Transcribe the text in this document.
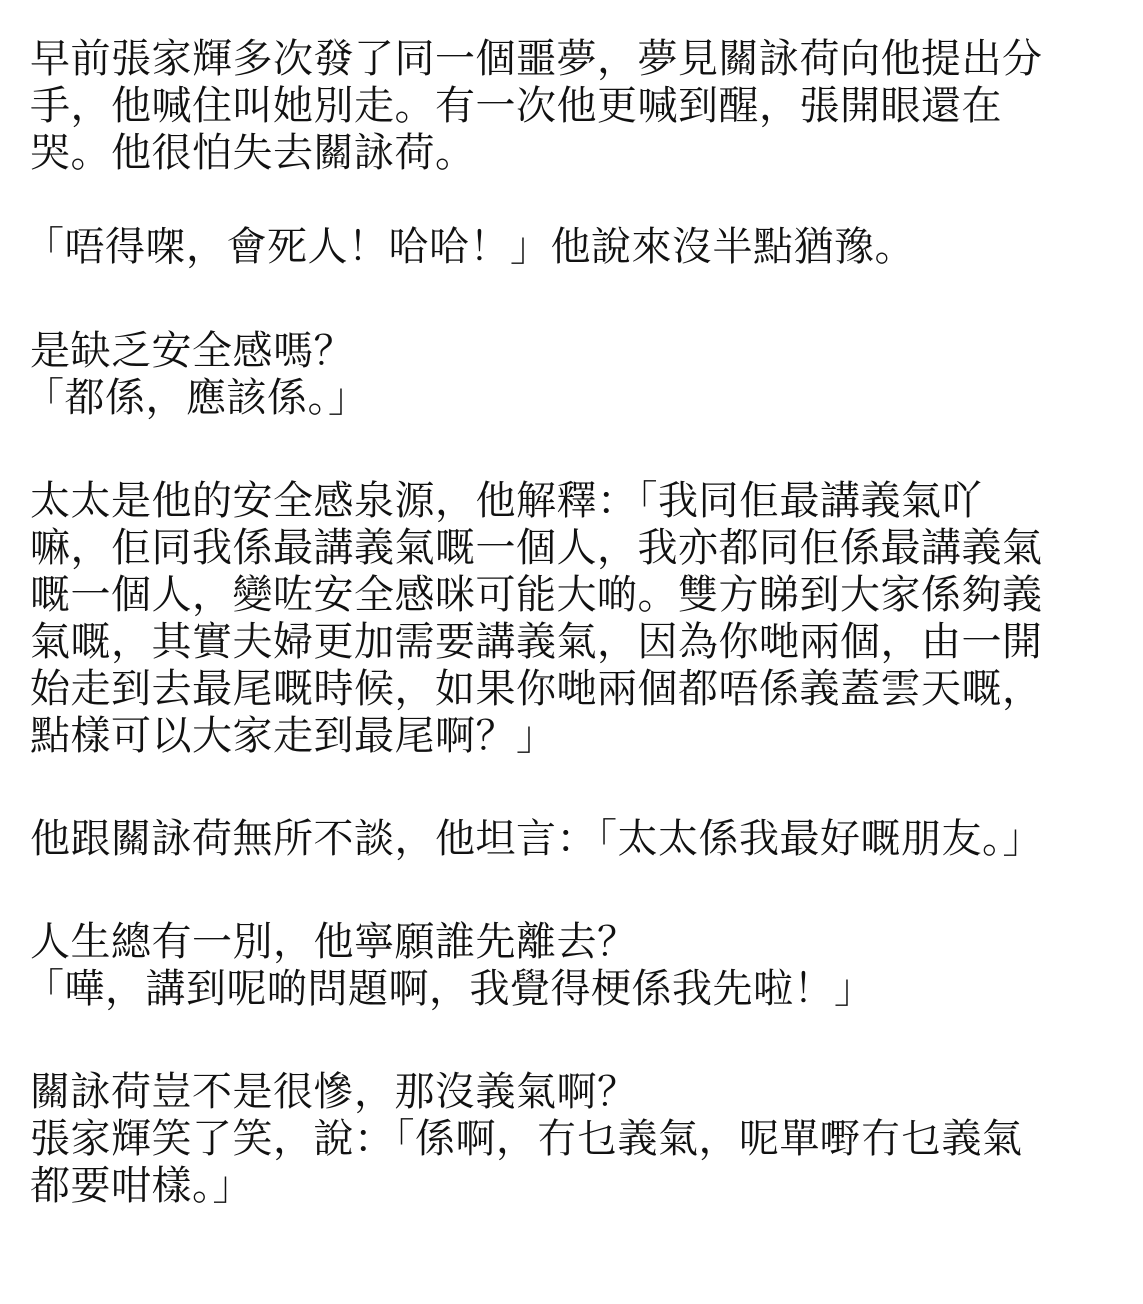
早前張家輝多次發了同一個噩夢，夢見關詠荷向他提出分
手，他喊住叫她別走。有一次他更喊到醒，張開眼還在
哭。他很怕失去關詠荷。
「唔得㗎，會死人！哈哈！」他說來沒半點猶豫。
是缺乏安全感嗎？
「都係，應該係。」
太太是他的安全感泉源，他解釋：「我同佢最講義氣吖
嘛，佢同我係最講義氣嘅一個人，我亦都同佢係最講義氣
嘅一個人，變咗安全感咪可能大啲。雙方睇到大家係夠義
氣嘅，其實夫婦更加需要講義氣，因為你哋兩個，由一開
始走到去最尾嘅時候，如果你哋兩個都唔係義蓋雲天嘅，
點樣可以大家走到最尾啊？」
他跟關詠荷無所不談，他坦言：「太太係我最好嘅朋友。」
人生總有一別，他寧願誰先離去？
「嘩，講到呢啲問題啊，我覺得梗係我先啦！」
關詠荷豈不是很慘，那沒義氣啊？
張家輝笑了笑，說：「係啊，冇乜義氣，呢單嘢冇乜義氣
都要咁樣。」
